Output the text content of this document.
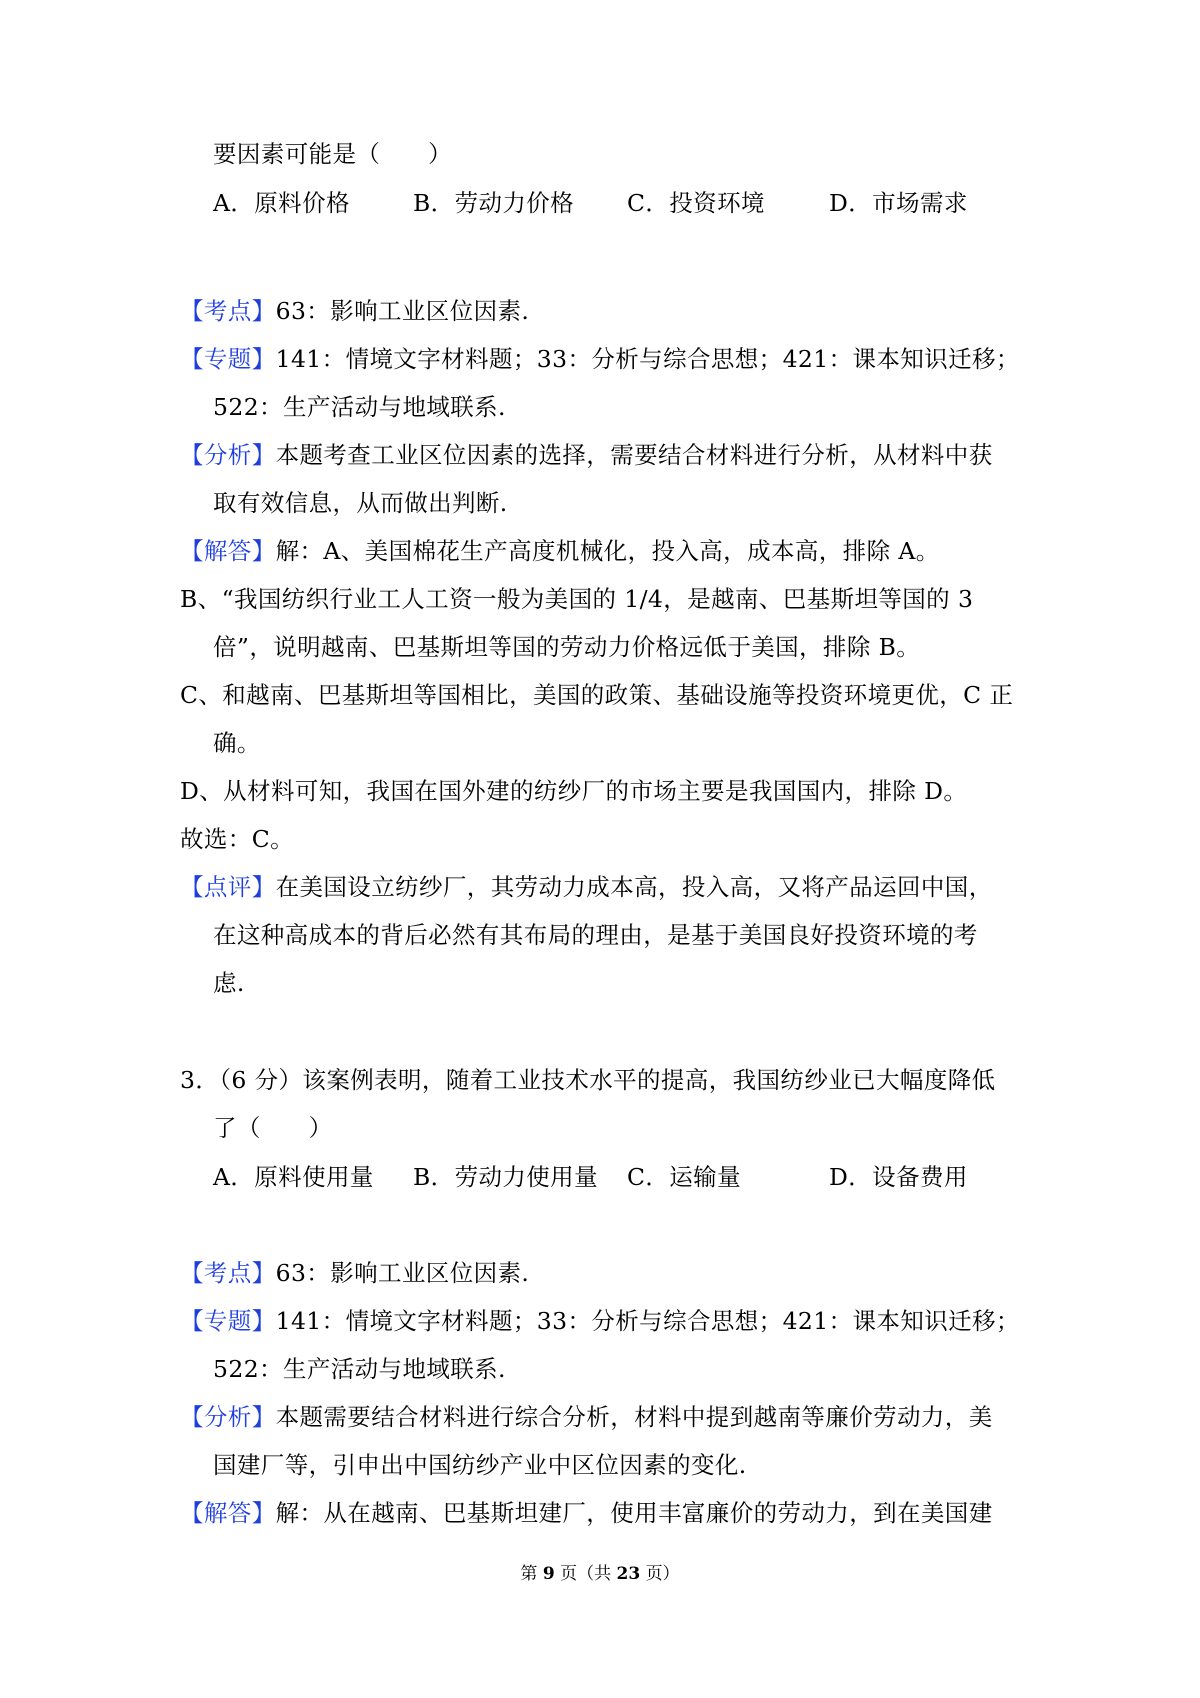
要因素可能是（　　）
A．原料价格	B．劳动力价格 C．投资环境	D．市场需求
【考点】63：影响工业区位因素.
【专题】141：情境文字材料题；33：分析与综合思想；421：课本知识迁移；
522：生产活动与地域联系.
【分析】本题考查工业区位因素的选择，需要结合材料进行分析，从材料中获
取有效信息，从而做出判断.
【解答】解：A、美国棉花生产高度机械化，投入高，成本高，排除 A。
B、“我国纺织行业工人工资一般为美国的 1/4，是越南、巴基斯坦等国的 3
倍”，说明越南、巴基斯坦等国的劳动力价格远低于美国，排除 B。
C、和越南、巴基斯坦等国相比，美国的政策、基础设施等投资环境更优，C 正
确。
D、从材料可知，我国在国外建的纺纱厂的市场主要是我国国内，排除 D。
故选：C。
【点评】在美国设立纺纱厂，其劳动力成本高，投入高，又将产品运回中国，
在这种高成本的背后必然有其布局的理由，是基于美国良好投资环境的考
虑.
3．（6 分）该案例表明，随着工业技术水平的提高，我国纺纱业已大幅度降低
了（　　）
A．原料使用量 B．劳动力使用量 C．运输量	D．设备费用
【考点】63：影响工业区位因素.
【专题】141：情境文字材料题；33：分析与综合思想；421：课本知识迁移；
522：生产活动与地域联系.
【分析】本题需要结合材料进行综合分析，材料中提到越南等廉价劳动力，美
国建厂等，引申出中国纺纱产业中区位因素的变化.
【解答】解：从在越南、巴基斯坦建厂，使用丰富廉价的劳动力，到在美国建
第 9 页（共 23 页）
